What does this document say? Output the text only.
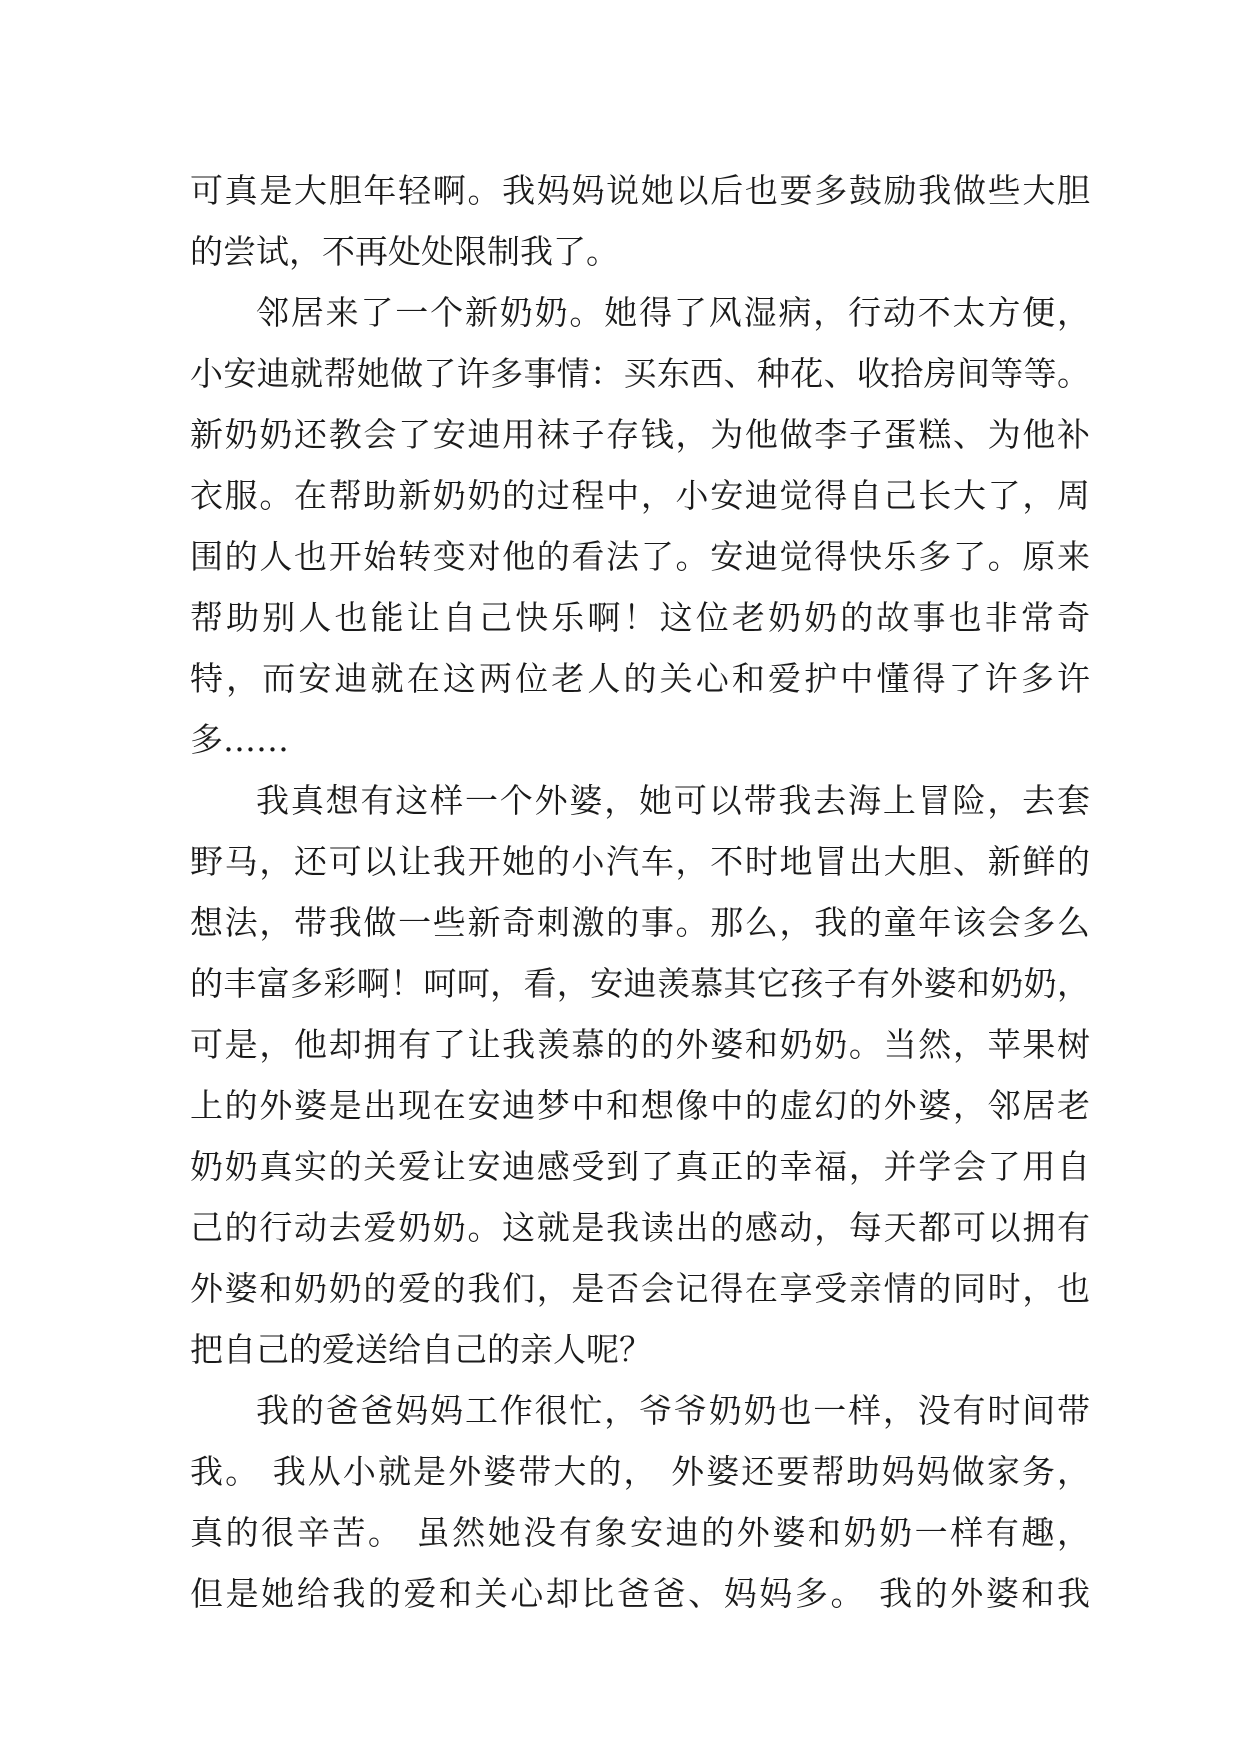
可真是大胆年轻啊。我妈妈说她以后也要多鼓励我做些大胆
的尝试，不再处处限制我了。
邻居来了一个新奶奶。她得了风湿病，行动不太方便，
小安迪就帮她做了许多事情：买东西、种花、收拾房间等等。
新奶奶还教会了安迪用袜子存钱，为他做李子蛋糕、为他补
衣服。在帮助新奶奶的过程中，小安迪觉得自己长大了，周
围的人也开始转变对他的看法了。安迪觉得快乐多了。原来
帮助别人也能让自己快乐啊！这位老奶奶的故事也非常奇
特，而安迪就在这两位老人的关心和爱护中懂得了许多许
多……
我真想有这样一个外婆，她可以带我去海上冒险，去套
野马，还可以让我开她的小汽车，不时地冒出大胆、新鲜的
想法，带我做一些新奇刺激的事。那么，我的童年该会多么
的丰富多彩啊！呵呵，看，安迪羡慕其它孩子有外婆和奶奶，
可是，他却拥有了让我羡慕的的外婆和奶奶。当然，苹果树
上的外婆是出现在安迪梦中和想像中的虚幻的外婆，邻居老
奶奶真实的关爱让安迪感受到了真正的幸福，并学会了用自
己的行动去爱奶奶。这就是我读出的感动，每天都可以拥有
外婆和奶奶的爱的我们，是否会记得在享受亲情的同时，也
把自己的爱送给自己的亲人呢？
我的爸爸妈妈工作很忙，爷爷奶奶也一样，没有时间带
我。 我从小就是外婆带大的， 外婆还要帮助妈妈做家务，
真的很辛苦。 虽然她没有象安迪的外婆和奶奶一样有趣，
但是她给我的爱和关心却比爸爸、妈妈多。 我的外婆和我
